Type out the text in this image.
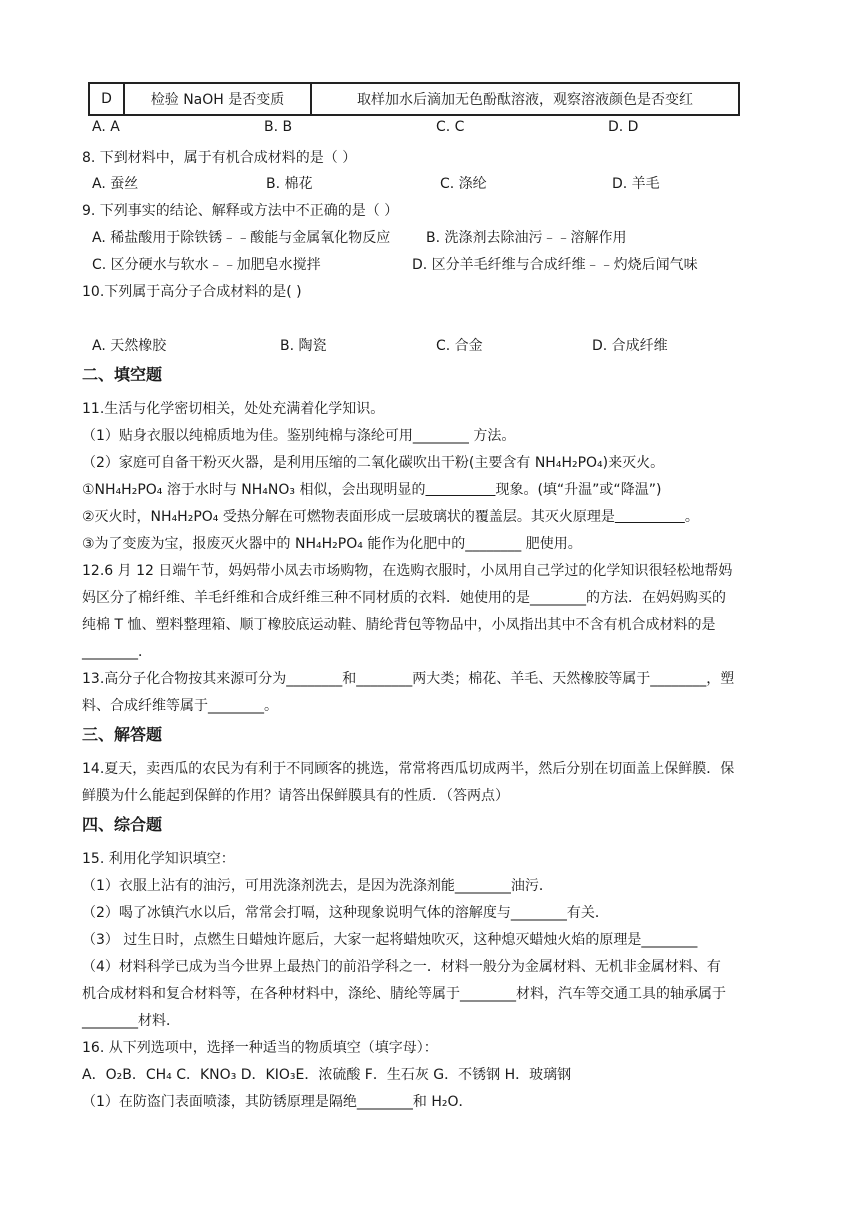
D	检验 NaOH 是否变质	取样加水后滴加无色酚酞溶液，观察溶液颜色是否变红
A. A	B. B	C. C	D. D
8. 下到材料中，属于有机合成材料的是（ ）
A. 蚕丝	B. 棉花	C. 涤纶	D. 羊毛
9. 下列事实的结论、解释或方法中不正确的是（ ）
A. 稀盐酸用于除铁锈﹣﹣酸能与金属氧化物反应	B. 洗涤剂去除油污﹣﹣溶解作用
C. 区分硬水与软水﹣﹣加肥皂水搅拌	D. 区分羊毛纤维与合成纤维﹣﹣灼烧后闻气味
10.下列属于高分子合成材料的是( )
A. 天然橡胶	B. 陶瓷	C. 合金	D. 合成纤维
二、填空题
11.生活与化学密切相关，处处充满着化学知识。
（1）贴身衣服以纯棉质地为佳。鉴别纯棉与涤纶可用________ 方法。
（2）家庭可自备干粉灭火器，是利用压缩的二氧化碳吹出干粉(主要含有 NH₄H₂PO₄)来灭火。
①NH₄H₂PO₄ 溶于水时与 NH₄NO₃ 相似，会出现明显的　　　　　	现象。(填“升温”或“降温”)
②灭火时，NH₄H₂PO₄ 受热分解在可燃物表面形成一层玻璃状的覆盖层。其灭火原理是　　　　　	。
③为了变废为宝，报废灭火器中的 NH₄H₂PO₄ 能作为化肥中的________ 肥使用。
12.6 月 12 日端午节，妈妈带小凤去市场购物，在选购衣服时，小凤用自己学过的化学知识很轻松地帮妈
妈区分了棉纤维、羊毛纤维和合成纤维三种不同材质的衣料．她使用的是________的方法．在妈妈购买的
纯棉 T 恤、塑料整理箱、顺丁橡胶底运动鞋、腈纶背包等物品中，小凤指出其中不含有机合成材料的是
________．
13.高分子化合物按其来源可分为________和________两大类；棉花、羊毛、天然橡胶等属于________，塑
料、合成纤维等属于________。
三、解答题
14.夏天，卖西瓜的农民为有利于不同顾客的挑选，常常将西瓜切成两半，然后分别在切面盖上保鲜膜．保
鲜膜为什么能起到保鲜的作用？请答出保鲜膜具有的性质．（答两点）
四、综合题
15. 利用化学知识填空：
（1）衣服上沾有的油污，可用洗涤剂洗去，是因为洗涤剂能________油污．
（2）喝了冰镇汽水以后，常常会打嗝，这种现象说明气体的溶解度与________有关．
（3） 过生日时，点燃生日蜡烛许愿后，大家一起将蜡烛吹灭，这种熄灭蜡烛火焰的原理是________
（4）材料科学已成为当今世界上最热门的前沿学科之一．材料一般分为金属材料、无机非金属材料、有
机合成材料和复合材料等，在各种材料中，涤纶、腈纶等属于________材料，汽车等交通工具的轴承属于
________材料．
16. 从下列选项中，选择一种适当的物质填空（填字母）：
A．O₂B．CH₄ C．KNO₃ D．KIO₃E．浓硫酸 F．生石灰 G．不锈钢 H．玻璃钢
（1）在防盗门表面喷漆，其防锈原理是隔绝________和 H₂O．
